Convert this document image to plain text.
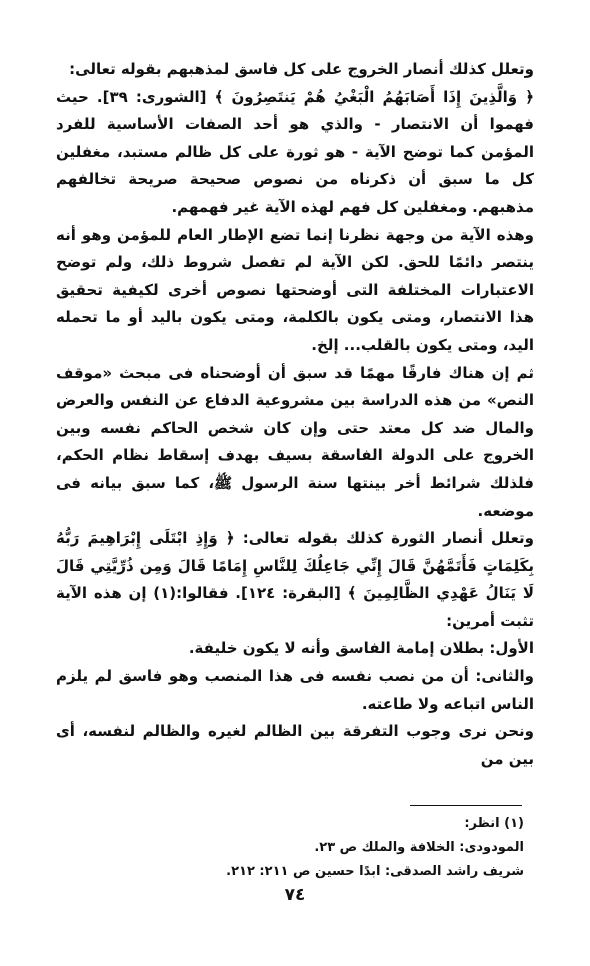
وتعلل كذلك أنصار الخروج على كل فاسق لمذهبهم بقوله تعالى:

﴿ وَالَّذِينَ إِذَا أَصَابَهُمُ الْبَغْيُ هُمْ يَنتَصِرُونَ ﴾ [الشورى: ٣٩]. حيث فهموا أن الانتصار - والذي هو أحد الصفات الأساسية للفرد المؤمن كما توضح الآية - هو ثورة على كل ظالم مستبد، مغفلين كل ما سبق أن ذكرناه من نصوص صحيحة صريحة تخالفهم مذهبهم. ومغفلين كل فهم لهذه الآية غير فهمهم.

وهذه الآية من وجهة نظرنا إنما تضع الإطار العام للمؤمن وهو أنه ينتصر دائمًا للحق. لكن الآية لم تفصل شروط ذلك، ولم توضح الاعتبارات المختلفة التى أوضحتها نصوص أخرى لكيفية تحقيق هذا الانتصار، ومتى يكون بالكلمة، ومتى يكون باليد أو ما تحمله اليد، ومتى يكون بالقلب... إلخ.

ثم إن هناك فارقًا مهمًا قد سبق أن أوضحناه فى مبحث «موقف النص» من هذه الدراسة بين مشروعية الدفاع عن النفس والعرض والمال ضد كل معتد حتى وإن كان شخص الحاكم نفسه وبين الخروج على الدولة الفاسقة بسيف بهدف إسقاط نظام الحكم، فلذلك شرائط أخر بينتها سنة الرسول ﷺ، كما سبق بيانه فى موضعه.

وتعلل أنصار الثورة كذلك بقوله تعالى: ﴿ وَإِذِ ابْتَلَى إِبْرَاهِيمَ رَبُّهُ بِكَلِمَاتٍ فَأَتَمَّهُنَّ قَالَ إِنِّي جَاعِلُكَ لِلنَّاسِ إِمَامًا قَالَ وَمِن ذُرِّيَّتِي قَالَ لَا يَنَالُ عَهْدِي الظَّالِمِينَ ﴾ [البقرة: ١٢٤]. فقالوا:(١) إن هذه الآية تثبت أمرين:

الأول: بطلان إمامة الفاسق وأنه لا يكون خليفة.

والثانى: أن من نصب نفسه فى هذا المنصب وهو فاسق لم يلزم الناس اتباعه ولا طاعته.

ونحن نرى وجوب التفرقة بين الظالم لغيره والظالم لنفسه، أى بين من

(١) انظر:

المودودى: الخلافة والملك ص ٢٣.

شريف راشد الصدقى: ابدًا حسين ص ٢١١: ٢١٢.

٧٤
